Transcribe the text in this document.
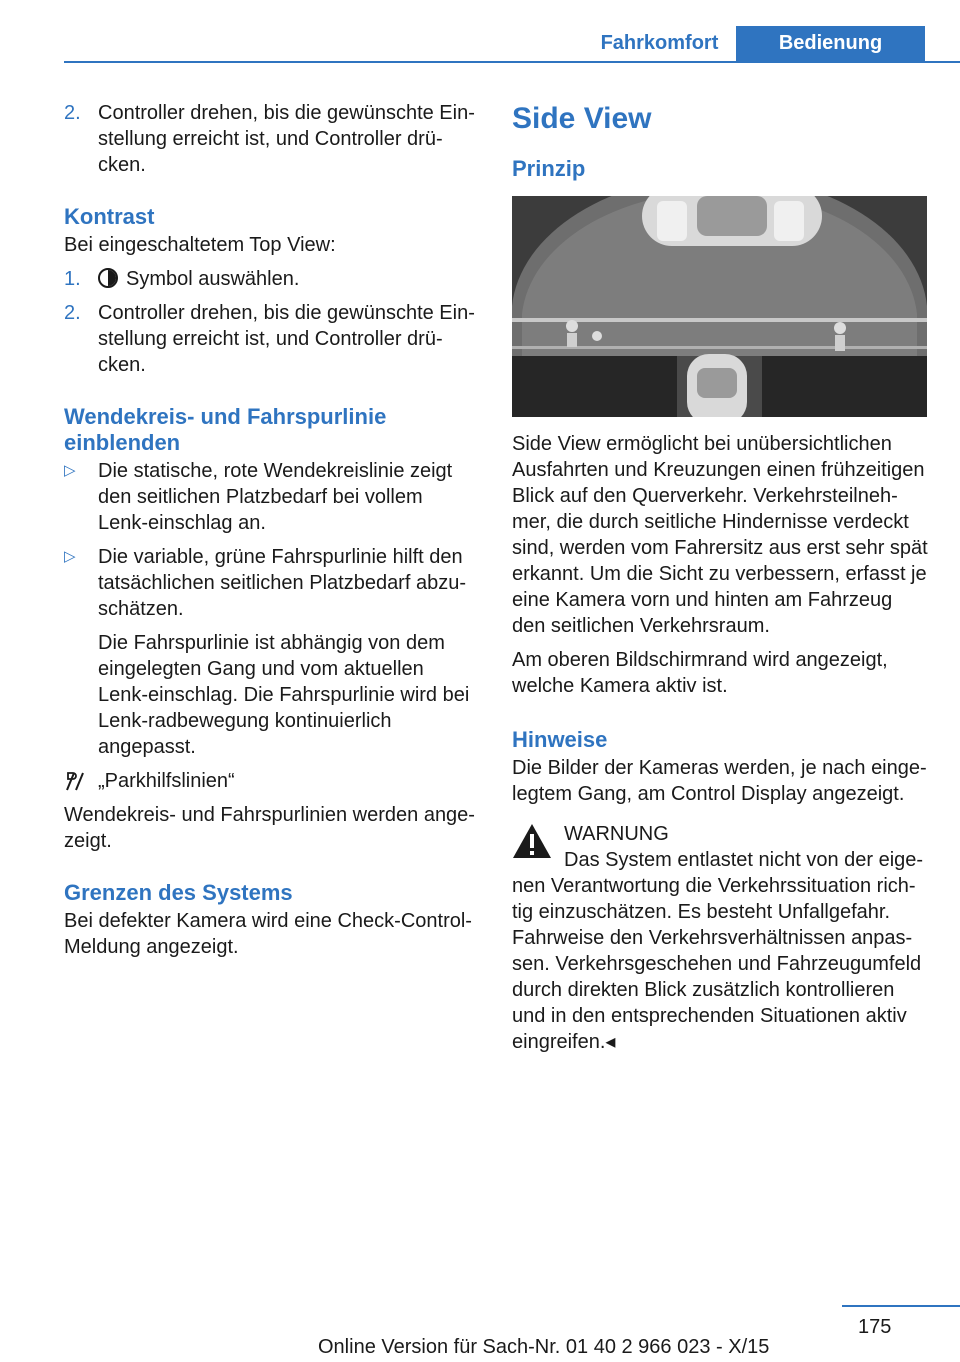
Fahrkomfort	Bedienung
2. Controller drehen, bis die gewünschte Ein-stellung erreicht ist, und Controller drü-cken.
Kontrast

Bei eingeschaltetem Top View:

1. Symbol auswählen.
2. Controller drehen, bis die gewünschte Ein-stellung erreicht ist, und Controller drü-cken.
Wendekreis- und Fahrspurlinie einblenden
▷ Die statische, rote Wendekreislinie zeigt den seitlichen Platzbedarf bei vollem Lenk-einschlag an.
▷ Die variable, grüne Fahrspurlinie hilft den tatsächlichen seitlichen Platzbedarf abzu-schätzen.
Die Fahrspurlinie ist abhängig von dem eingelegten Gang und vom aktuellen Lenk-einschlag. Die Fahrspurlinie wird bei Lenk-radbewegung kontinuierlich angepasst.
„Parkhilfslinien“

Wendekreis- und Fahrspurlinien werden ange-zeigt.

Grenzen des Systems

Bei defekter Kamera wird eine Check-Control-Meldung angezeigt.

Side View
Prinzip

Side View ermöglicht bei unübersichtlichen Ausfahrten und Kreuzungen einen frühzeitigen Blick auf den Querverkehr. Verkehrsteilneh-mer, die durch seitliche Hindernisse verdeckt sind, werden vom Fahrersitz aus erst sehr spät erkannt. Um die Sicht zu verbessern, erfasst je eine Kamera vorn und hinten am Fahrzeug den seitlichen Verkehrsraum.

Am oberen Bildschirmrand wird angezeigt, welche Kamera aktiv ist.

Hinweise

Die Bilder der Kameras werden, je nach einge-legtem Gang, am Control Display angezeigt.

WARNUNG
Das System entlastet nicht von der eige-nen Verantwortung die Verkehrssituation rich-tig einzuschätzen. Es besteht Unfallgefahr. Fahrweise den Verkehrsverhältnissen anpas-sen. Verkehrsgeschehen und Fahrzeugumfeld durch direkten Blick zusätzlich kontrollieren und in den entsprechenden Situationen aktiv eingreifen.◂
175
Online Version für Sach-Nr. 01 40 2 966 023 - X/15
